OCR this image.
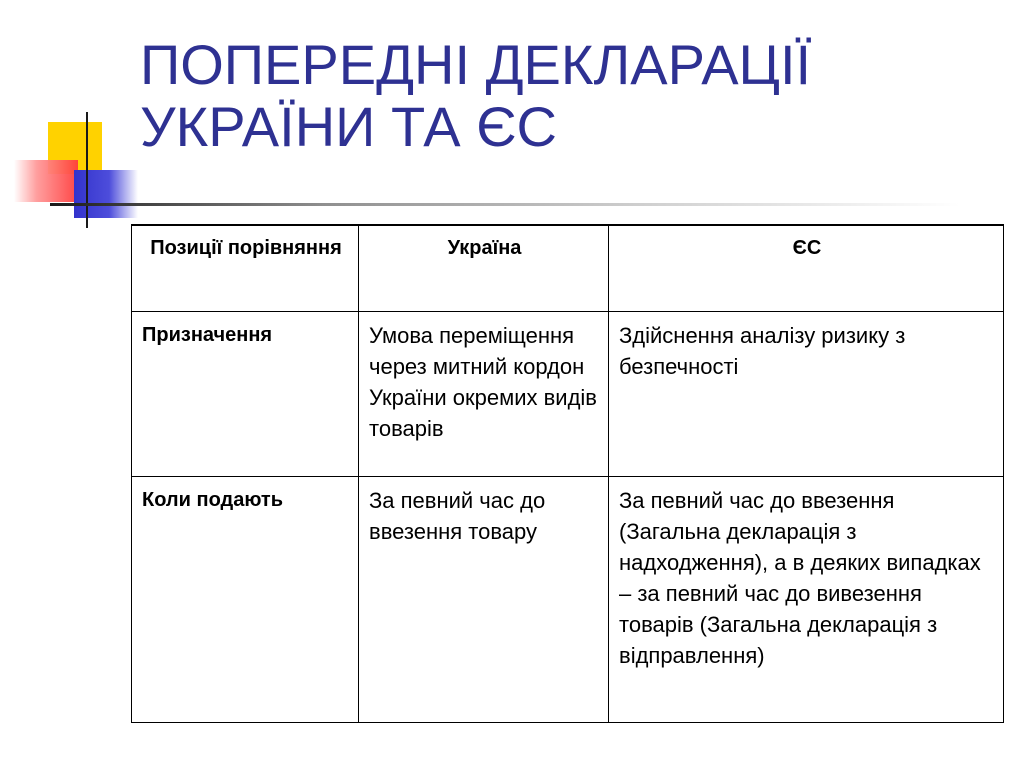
ПОПЕРЕДНІ ДЕКЛАРАЦІЇ
УКРАЇНИ ТА ЄС
Позиції порівняння	Україна	ЄС
Призначення	Умова переміщення через митний кордон України окремих видів товарів	Здійснення аналізу ризику з безпечності
Коли подають	За певний час до ввезення товару	За певний час до ввезення (Загальна декларація з надходження), а в деяких випадках – за певний час до вивезення товарів (Загальна декларація з відправлення)
